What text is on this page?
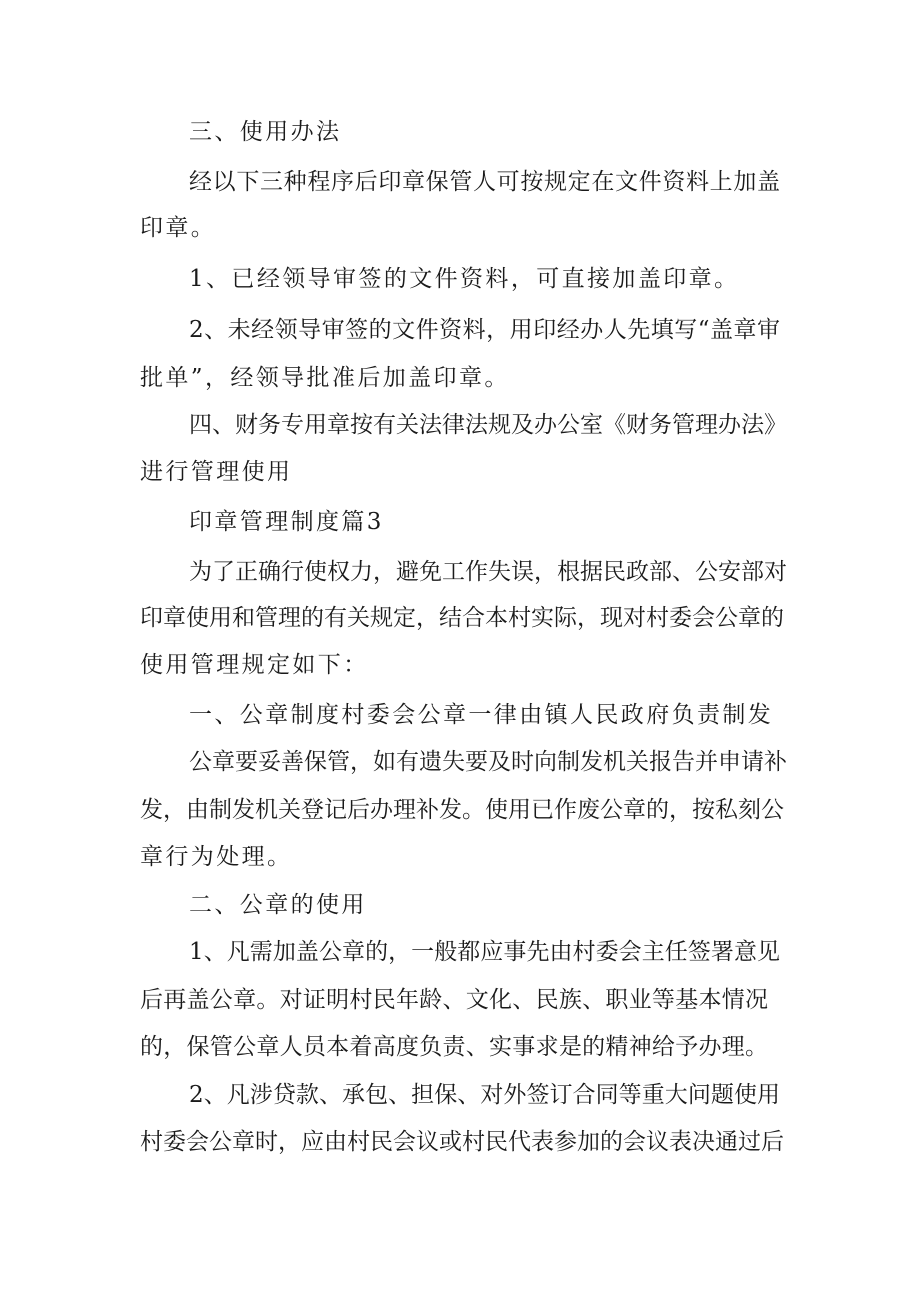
三、使用办法

经以下三种程序后印章保管人可按规定在文件资料上加盖

印章。

1、已经领导审签的文件资料，可直接加盖印章。

2、未经领导审签的文件资料，用印经办人先填写“盖章审

批单”，经领导批准后加盖印章。

四、财务专用章按有关法律法规及办公室《财务管理办法》

进行管理使用

印章管理制度篇3

为了正确行使权力，避免工作失误，根据民政部、公安部对

印章使用和管理的有关规定，结合本村实际，现对村委会公章的

使用管理规定如下：

一、公章制度村委会公章一律由镇人民政府负责制发

公章要妥善保管，如有遗失要及时向制发机关报告并申请补

发，由制发机关登记后办理补发。使用已作废公章的，按私刻公

章行为处理。

二、公章的使用

1、凡需加盖公章的，一般都应事先由村委会主任签署意见

后再盖公章。对证明村民年龄、文化、民族、职业等基本情况

的，保管公章人员本着高度负责、实事求是的精神给予办理。

2、凡涉贷款、承包、担保、对外签订合同等重大问题使用

村委会公章时，应由村民会议或村民代表参加的会议表决通过后
